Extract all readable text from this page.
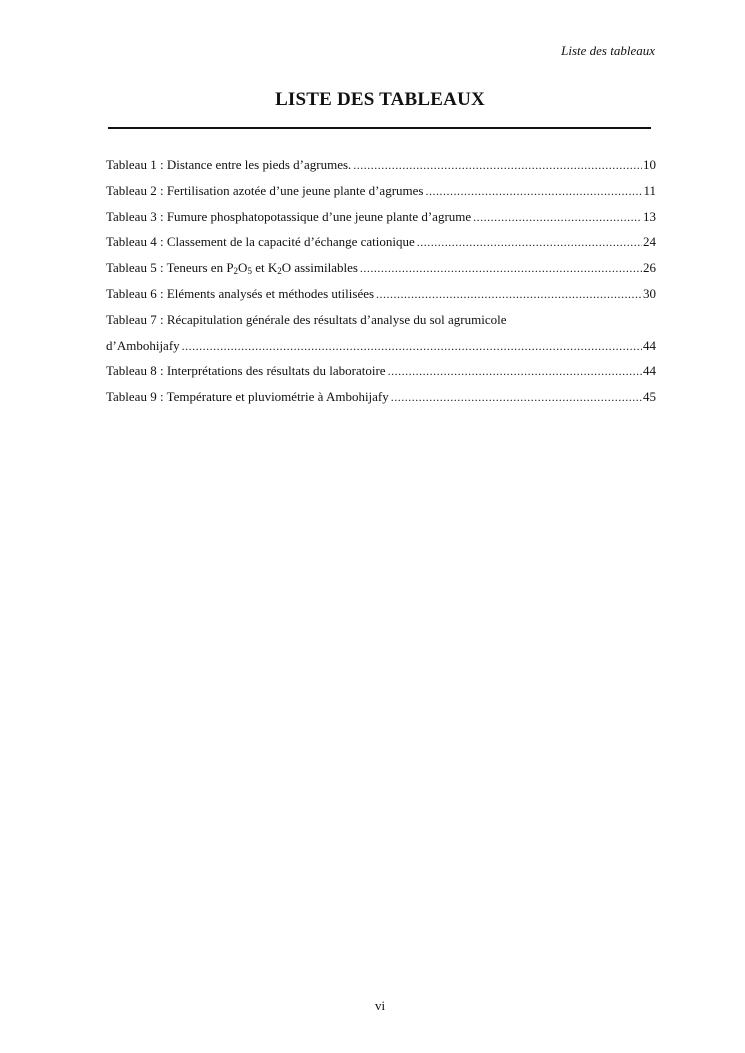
Liste des tableaux
LISTE DES TABLEAUX
Tableau 1 : Distance entre les pieds d’agrumes. .....	10
Tableau 2 : Fertilisation azotée d’une jeune plante d’agrumes .....	11
Tableau 3 : Fumure phosphatopotassique d’une jeune plante d’agrume .....	13
Tableau 4 : Classement de la capacité d’échange cationique .....	24
Tableau 5 : Teneurs en $P_2O_5$ et $K_2O$ assimilables .....	26
Tableau 6 : Eléments analysés et méthodes utilisées .....	30
Tableau 7 : Récapitulation générale des résultats d’analyse du sol agrumicole
d’Ambohijafy .....	44
Tableau 8 : Interprétations des résultats du laboratoire .....	44
Tableau 9 : Température et pluviométrie à Ambohijafy .....	45
vi
